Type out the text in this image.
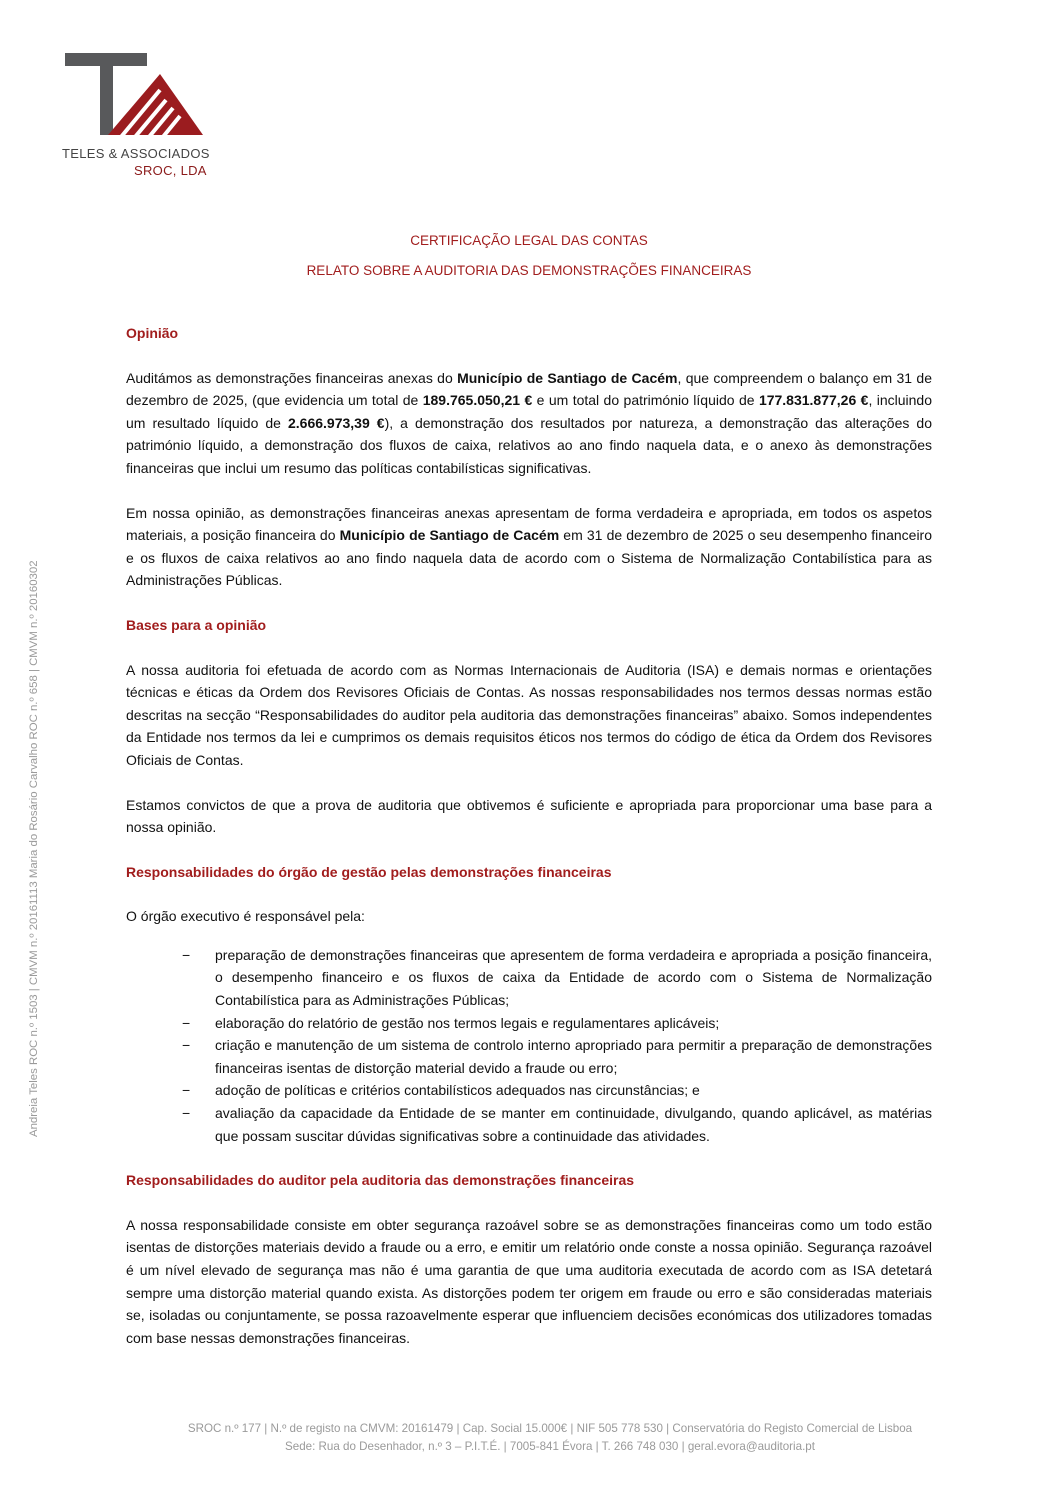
TELES & ASSOCIADOS
SROC, LDA
Andreia Teles ROC n.º 1503 | CMVM n.º 20161113 Maria do Rosário Carvalho ROC n.º 658 | CMVM n.º 20160302

CERTIFICAÇÃO LEGAL DAS CONTAS

RELATO SOBRE A AUDITORIA DAS DEMONSTRAÇÕES FINANCEIRAS

Opinião

Auditámos as demonstrações financeiras anexas do Município de Santiago de Cacém, que compreendem o balanço em 31 de dezembro de 2025, (que evidencia um total de 189.765.050,21 € e um total do património líquido de 177.831.877,26 €, incluindo um resultado líquido de 2.666.973,39 €), a demonstração dos resultados por natureza, a demonstração das alterações do património líquido, a demonstração dos fluxos de caixa, relativos ao ano findo naquela data, e o anexo às demonstrações financeiras que inclui um resumo das políticas contabilísticas significativas.

Em nossa opinião, as demonstrações financeiras anexas apresentam de forma verdadeira e apropriada, em todos os aspetos materiais, a posição financeira do Município de Santiago de Cacém em 31 de dezembro de 2025 o seu desempenho financeiro e os fluxos de caixa relativos ao ano findo naquela data de acordo com o Sistema de Normalização Contabilística para as Administrações Públicas.

Bases para a opinião

A nossa auditoria foi efetuada de acordo com as Normas Internacionais de Auditoria (ISA) e demais normas e orientações técnicas e éticas da Ordem dos Revisores Oficiais de Contas. As nossas responsabilidades nos termos dessas normas estão descritas na secção “Responsabilidades do auditor pela auditoria das demonstrações financeiras” abaixo. Somos independentes da Entidade nos termos da lei e cumprimos os demais requisitos éticos nos termos do código de ética da Ordem dos Revisores Oficiais de Contas.

Estamos convictos de que a prova de auditoria que obtivemos é suficiente e apropriada para proporcionar uma base para a nossa opinião.

Responsabilidades do órgão de gestão pelas demonstrações financeiras

O órgão executivo é responsável pela:

− preparação de demonstrações financeiras que apresentem de forma verdadeira e apropriada a posição financeira, o desempenho financeiro e os fluxos de caixa da Entidade de acordo com o Sistema de Normalização Contabilística para as Administrações Públicas;
− elaboração do relatório de gestão nos termos legais e regulamentares aplicáveis;
− criação e manutenção de um sistema de controlo interno apropriado para permitir a preparação de demonstrações financeiras isentas de distorção material devido a fraude ou erro;
− adoção de políticas e critérios contabilísticos adequados nas circunstâncias; e
− avaliação da capacidade da Entidade de se manter em continuidade, divulgando, quando aplicável, as matérias que possam suscitar dúvidas significativas sobre a continuidade das atividades.

Responsabilidades do auditor pela auditoria das demonstrações financeiras

A nossa responsabilidade consiste em obter segurança razoável sobre se as demonstrações financeiras como um todo estão isentas de distorções materiais devido a fraude ou a erro, e emitir um relatório onde conste a nossa opinião. Segurança razoável é um nível elevado de segurança mas não é uma garantia de que uma auditoria executada de acordo com as ISA detetará sempre uma distorção material quando exista. As distorções podem ter origem em fraude ou erro e são consideradas materiais se, isoladas ou conjuntamente, se possa razoavelmente esperar que influenciem decisões económicas dos utilizadores tomadas com base nessas demonstrações financeiras.

SROC n.º 177 | N.º de registo na CMVM: 20161479 | Cap. Social 15.000€ | NIF 505 778 530 | Conservatória do Registo Comercial de Lisboa
Sede: Rua do Desenhador, n.º 3 – P.I.T.É. | 7005-841 Évora | T. 266 748 030 | geral.evora@auditoria.pt
